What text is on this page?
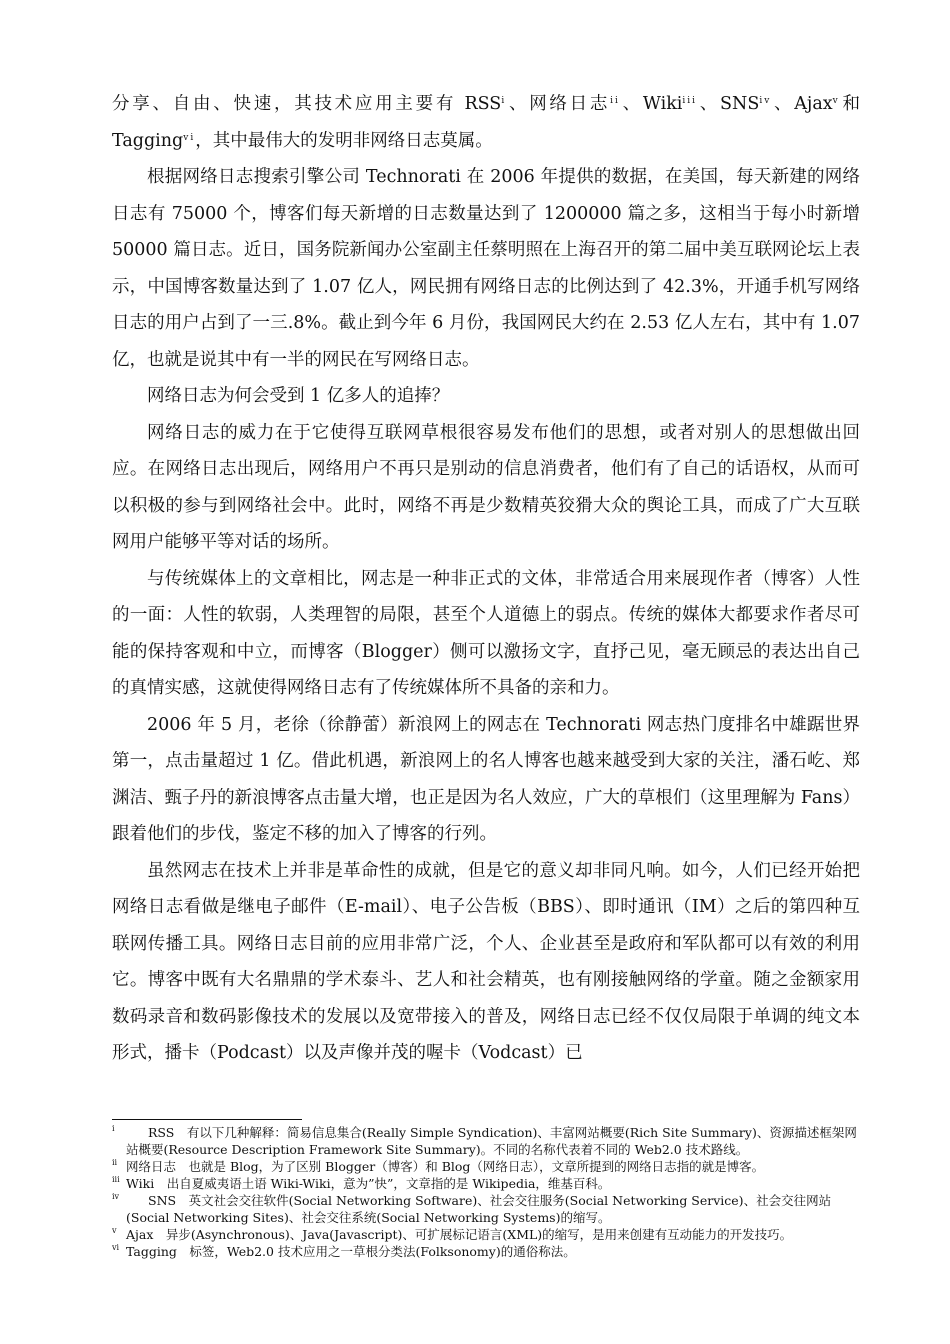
分享、自由、快速，其技术应用主要有 RSS$^i$、网络日志$^{ii}$、Wiki$^{iii}$、SNS$^{iv}$、Ajax$^v$和 Tagging$^{vi}$，其中最伟大的发明非网络日志莫属。

根据网络日志搜索引擎公司 Technorati 在 2006 年提供的数据，在美国，每天新建的网络日志有 75000 个，博客们每天新增的日志数量达到了 1200000 篇之多，这相当于每小时新增 50000 篇日志。近日，国务院新闻办公室副主任蔡明照在上海召开的第二届中美互联网论坛上表示，中国博客数量达到了 1.07 亿人，网民拥有网络日志的比例达到了 42.3%，开通手机写网络日志的用户占到了一三.8%。截止到今年 6 月份，我国网民大约在 2.53 亿人左右，其中有 1.07 亿，也就是说其中有一半的网民在写网络日志。

网络日志为何会受到 1 亿多人的追捧？

网络日志的威力在于它使得互联网草根很容易发布他们的思想，或者对别人的思想做出回应。在网络日志出现后，网络用户不再只是别动的信息消费者，他们有了自己的话语权，从而可以积极的参与到网络社会中。此时，网络不再是少数精英狡猾大众的舆论工具，而成了广大互联网用户能够平等对话的场所。

与传统媒体上的文章相比，网志是一种非正式的文体，非常适合用来展现作者（博客）人性的一面：人性的软弱，人类理智的局限，甚至个人道德上的弱点。传统的媒体大都要求作者尽可能的保持客观和中立，而博客（Blogger）侧可以激扬文字，直抒己见，毫无顾忌的表达出自己的真情实感，这就使得网络日志有了传统媒体所不具备的亲和力。

2006 年 5 月，老徐（徐静蕾）新浪网上的网志在 Technorati 网志热门度排名中雄踞世界第一，点击量超过 1 亿。借此机遇，新浪网上的名人博客也越来越受到大家的关注，潘石屹、郑渊洁、甄子丹的新浪博客点击量大增，也正是因为名人效应，广大的草根们（这里理解为 Fans）跟着他们的步伐，鉴定不移的加入了博客的行列。

虽然网志在技术上并非是革命性的成就，但是它的意义却非同凡响。如今，人们已经开始把网络日志看做是继电子邮件（E-mail）、电子公告板（BBS）、即时通讯（IM）之后的第四种互联网传播工具。网络日志目前的应用非常广泛，个人、企业甚至是政府和军队都可以有效的利用它。博客中既有大名鼎鼎的学术泰斗、艺人和社会精英，也有刚接触网络的学童。随之金额家用数码录音和数码影像技术的发展以及宽带接入的普及，网络日志已经不仅仅局限于单调的纯文本形式，播卡（Podcast）以及声像并茂的喔卡（Vodcast）已

i	RSS　有以下几种解释：简易信息集合(Really Simple Syndication)、丰富网站概要(Rich Site Summary)、资源描述框架网站概要(Resource Description Framework Site Summary)。不同的名称代表着不同的 Web2.0 技术路线。
ii 网络日志　也就是 Blog，为了区别 Blogger（博客）和 Blog（网络日志），文章所提到的网络日志指的就是博客。
iii Wiki　出自夏威夷语土语 Wiki-Wiki，意为”快”，文章指的是 Wikipedia，维基百科。
iv	SNS　英文社会交往软件(Social Networking Software)、社会交往服务(Social Networking Service)、社会交往网站(Social Networking Sites)、社会交往系统(Social Networking Systems)的缩写。
v Ajax　异步(Asynchronous)、Java(Javascript)、可扩展标记语言(XML)的缩写，是用来创建有互动能力的开发技巧。
vi Tagging　标签，Web2.0 技术应用之一草根分类法(Folksonomy)的通俗称法。
